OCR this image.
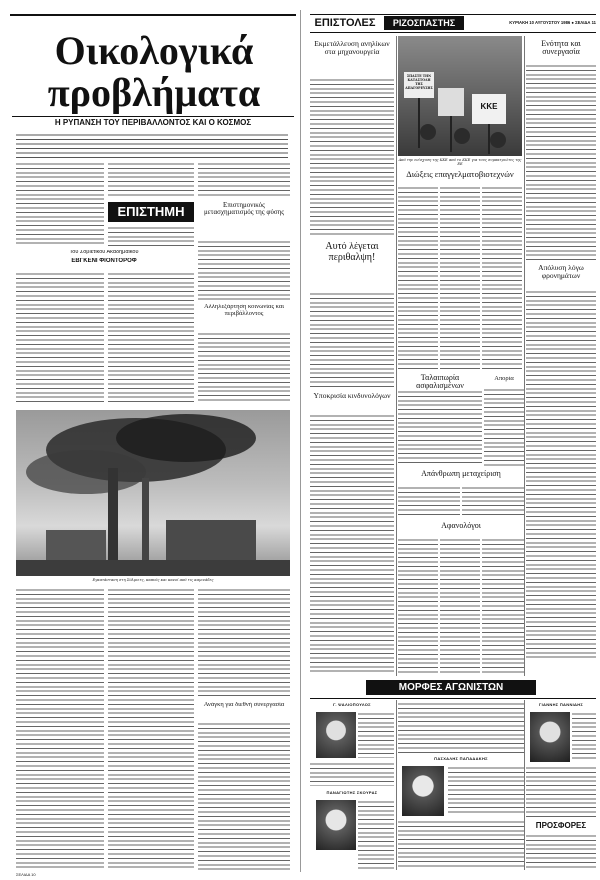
Οικολογικά προβλήματα
Η ΡΥΠΑΝΣΗ ΤΟΥ ΠΕΡΙΒΑΛΛΟΝΤΟΣ ΚΑΙ Ο ΚΟΣΜΟΣ
ΕΠΙΣΤΗΜΗ
Του Σοβιετικού Ακαδημαϊκού
ΕΒΓΚΕΝΙ ΦΙΟΝΤΟΡΟΦ
Επιστημονικός μετασχηματισμός της φύσης
Αλληλεξάρτηση κοινωνίας και περιβάλλοντος
Εγκατάσταση στη Σόλμνιτς, καπνός και κανοί από τις καμινάδες
Ανάγκη για διεθνή συνεργασία
ΣΕΛΙΔΑ 10
ΕΠΙΣΤΟΛΕΣ	ΡΙΖΟΣΠΑΣΤΗΣ	ΚΥΡΙΑΚΗ 10 ΑΥΓΟΥΣΤΟΥ 1986 ● ΣΕΛΙΔΑ 11
Εκμετάλλευση ανηλίκων στα μηχανουργεία
Αυτό λέγεται περιθαλψη!
ΣΠΑΣΤΕ ΤΗΝ ΚΑΤΑΣΤΟΛΗ ΤΗΣ ΑΠΑΓΟΡΕΥΣΗΣ
ΚΚΕ
Από την ενίσχυση της ΚΚΕ από το ΚΚΕ για τους συμπατριώτες της ΕΕ
Ενότητα και συνεργασία
Απόλυση λόγω φρονημάτων
Διώξεις επαγγελματοβιοτεχνών
Υποκρισία κινδυνολόγων
Ταλαιπωρία ασφαλισμένων
Απορία
Απάνθρωπη μεταχείριση
Αφανολόγοι
ΜΟΡΦΕΣ ΑΓΩΝΙΣΤΩΝ
Γ. ΨΑΛΙΟΠΟΥΛΟΣ
ΠΑΝΑΓΙΩΤΗΣ ΣΚΟΥΡΑΣ
ΠΑΣΧΑΛΗΣ ΠΑΠΑΔΑΚΗΣ
ΓΙΑΝΝΗΣ ΠΑΝΝΙΔΗΣ
ΠΡΟΣΦΟΡΕΣ
